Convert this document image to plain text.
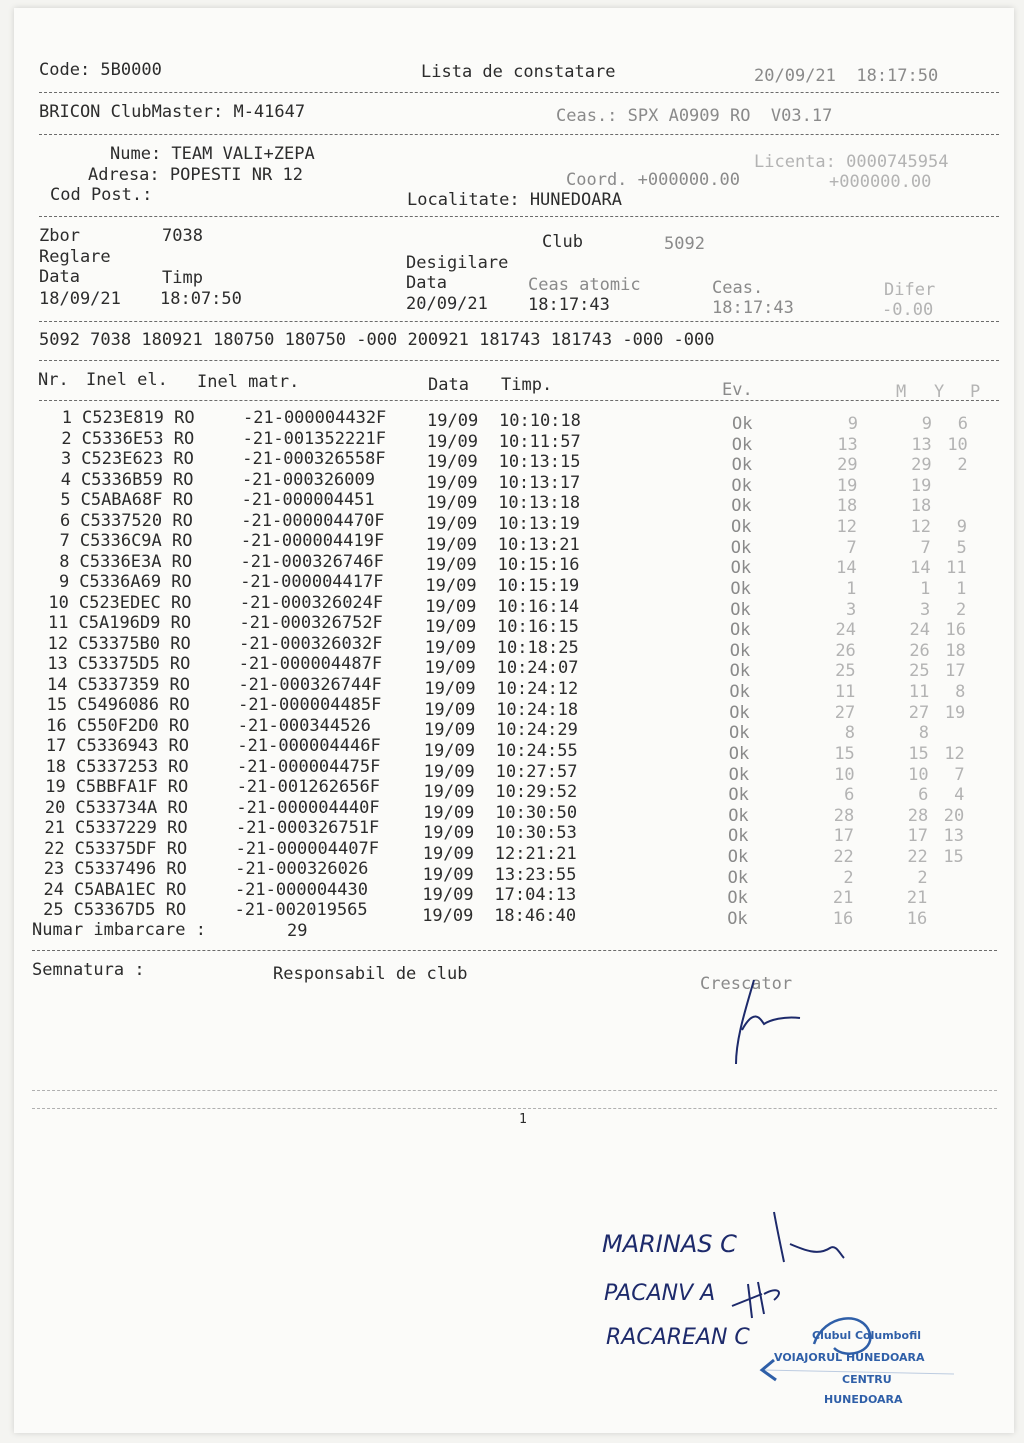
Code: 5B0000	Lista de constatare	20/09/21  18:17:50
BRICON ClubMaster: M-41647	Ceas.: SPX A0909 RO  V03.17
Nume: TEAM VALI+ZEPA	Licenta: 0000745954
Adresa: POPESTI NR 12	Coord. +000000.00	+000000.00
Cod Post.:	Localitate: HUNEDOARA
Zbor	7038	Club	5092
Reglare	Desigilare
Data	Timp	Data	Ceas atomic	Ceas.	Difer
18/09/21 18:07:50	20/09/21 18:17:43	18:17:43	-0.00
5092 7038 180921 180750 180750 -000 200921 181743 181743 -000 -000
Nr. Inel el. Inel matr.	Data Timp.	Ev.	M Y P
1 C523E819 RO	-21-000004432F 19/09 10:10:18	Ok	9	9	6
2 C5336E53 RO	-21-001352221F 19/09 10:11:57	Ok	13	13 10
3 C523E623 RO	-21-000326558F 19/09 10:13:15	Ok	29	29	2
4 C5336B59 RO	-21-000326009	19/09 10:13:17	Ok	19	19
5 C5ABA68F RO	-21-000004451	19/09 10:13:18	Ok	18	18
6 C5337520 RO	-21-000004470F 19/09 10:13:19	Ok	12	12	9
7 C5336C9A RO	-21-000004419F 19/09 10:13:21	Ok	7	7	5
8 C5336E3A RO	-21-000326746F 19/09 10:15:16	Ok	14	14 11
9 C5336A69 RO	-21-000004417F 19/09 10:15:19	Ok	1	1	1
10 C523EDEC RO	-21-000326024F 19/09 10:16:14	Ok	3	3	2
11 C5A196D9 RO	-21-000326752F 19/09 10:16:15	Ok	24	24 16
12 C53375B0 RO	-21-000326032F 19/09 10:18:25	Ok	26	26 18
13 C53375D5 RO	-21-000004487F	19/09 10:24:07	Ok	25	25 17
14 C5337359 RO	-21-000326744F	19/09 10:24:12	Ok	11	11	8
15 C5496086 RO	-21-000004485F	19/09 10:24:18	Ok	27	27 19
16 C550F2D0 RO	-21-000344526	19/09 10:24:29	Ok	8	8
17 C5336943 RO	-21-000004446F	19/09 10:24:55	Ok	15	15 12
18 C5337253 RO	-21-000004475F	19/09 10:27:57	Ok	10	10	7
19 C5BBFA1F RO	-21-001262656F	19/09 10:29:52	Ok	6	6	4
20 C533734A RO	-21-000004440F	19/09 10:30:50	Ok	28	28 20
21 C5337229 RO	-21-000326751F	19/09 10:30:53	Ok	17	17 13
22 C53375DF RO	-21-000004407F	19/09 12:21:21	Ok	22	22 15
23 C5337496 RO	-21-000326026	19/09 13:23:55	Ok	2	2
24 C5ABA1EC RO	-21-000004430	19/09 17:04:13	Ok	21	21
25 C53367D5 RO	-21-002019565	19/09 18:46:40	Ok	16	16
Numar imbarcare :	29
Semnatura :	Responsabil de club	Crescator
1
MARINAS C
PACANV A
RACAREAN C	Clubul Columbofil
VOIAJORUL HUNEDOARA
CENTRU
HUNEDOARA
